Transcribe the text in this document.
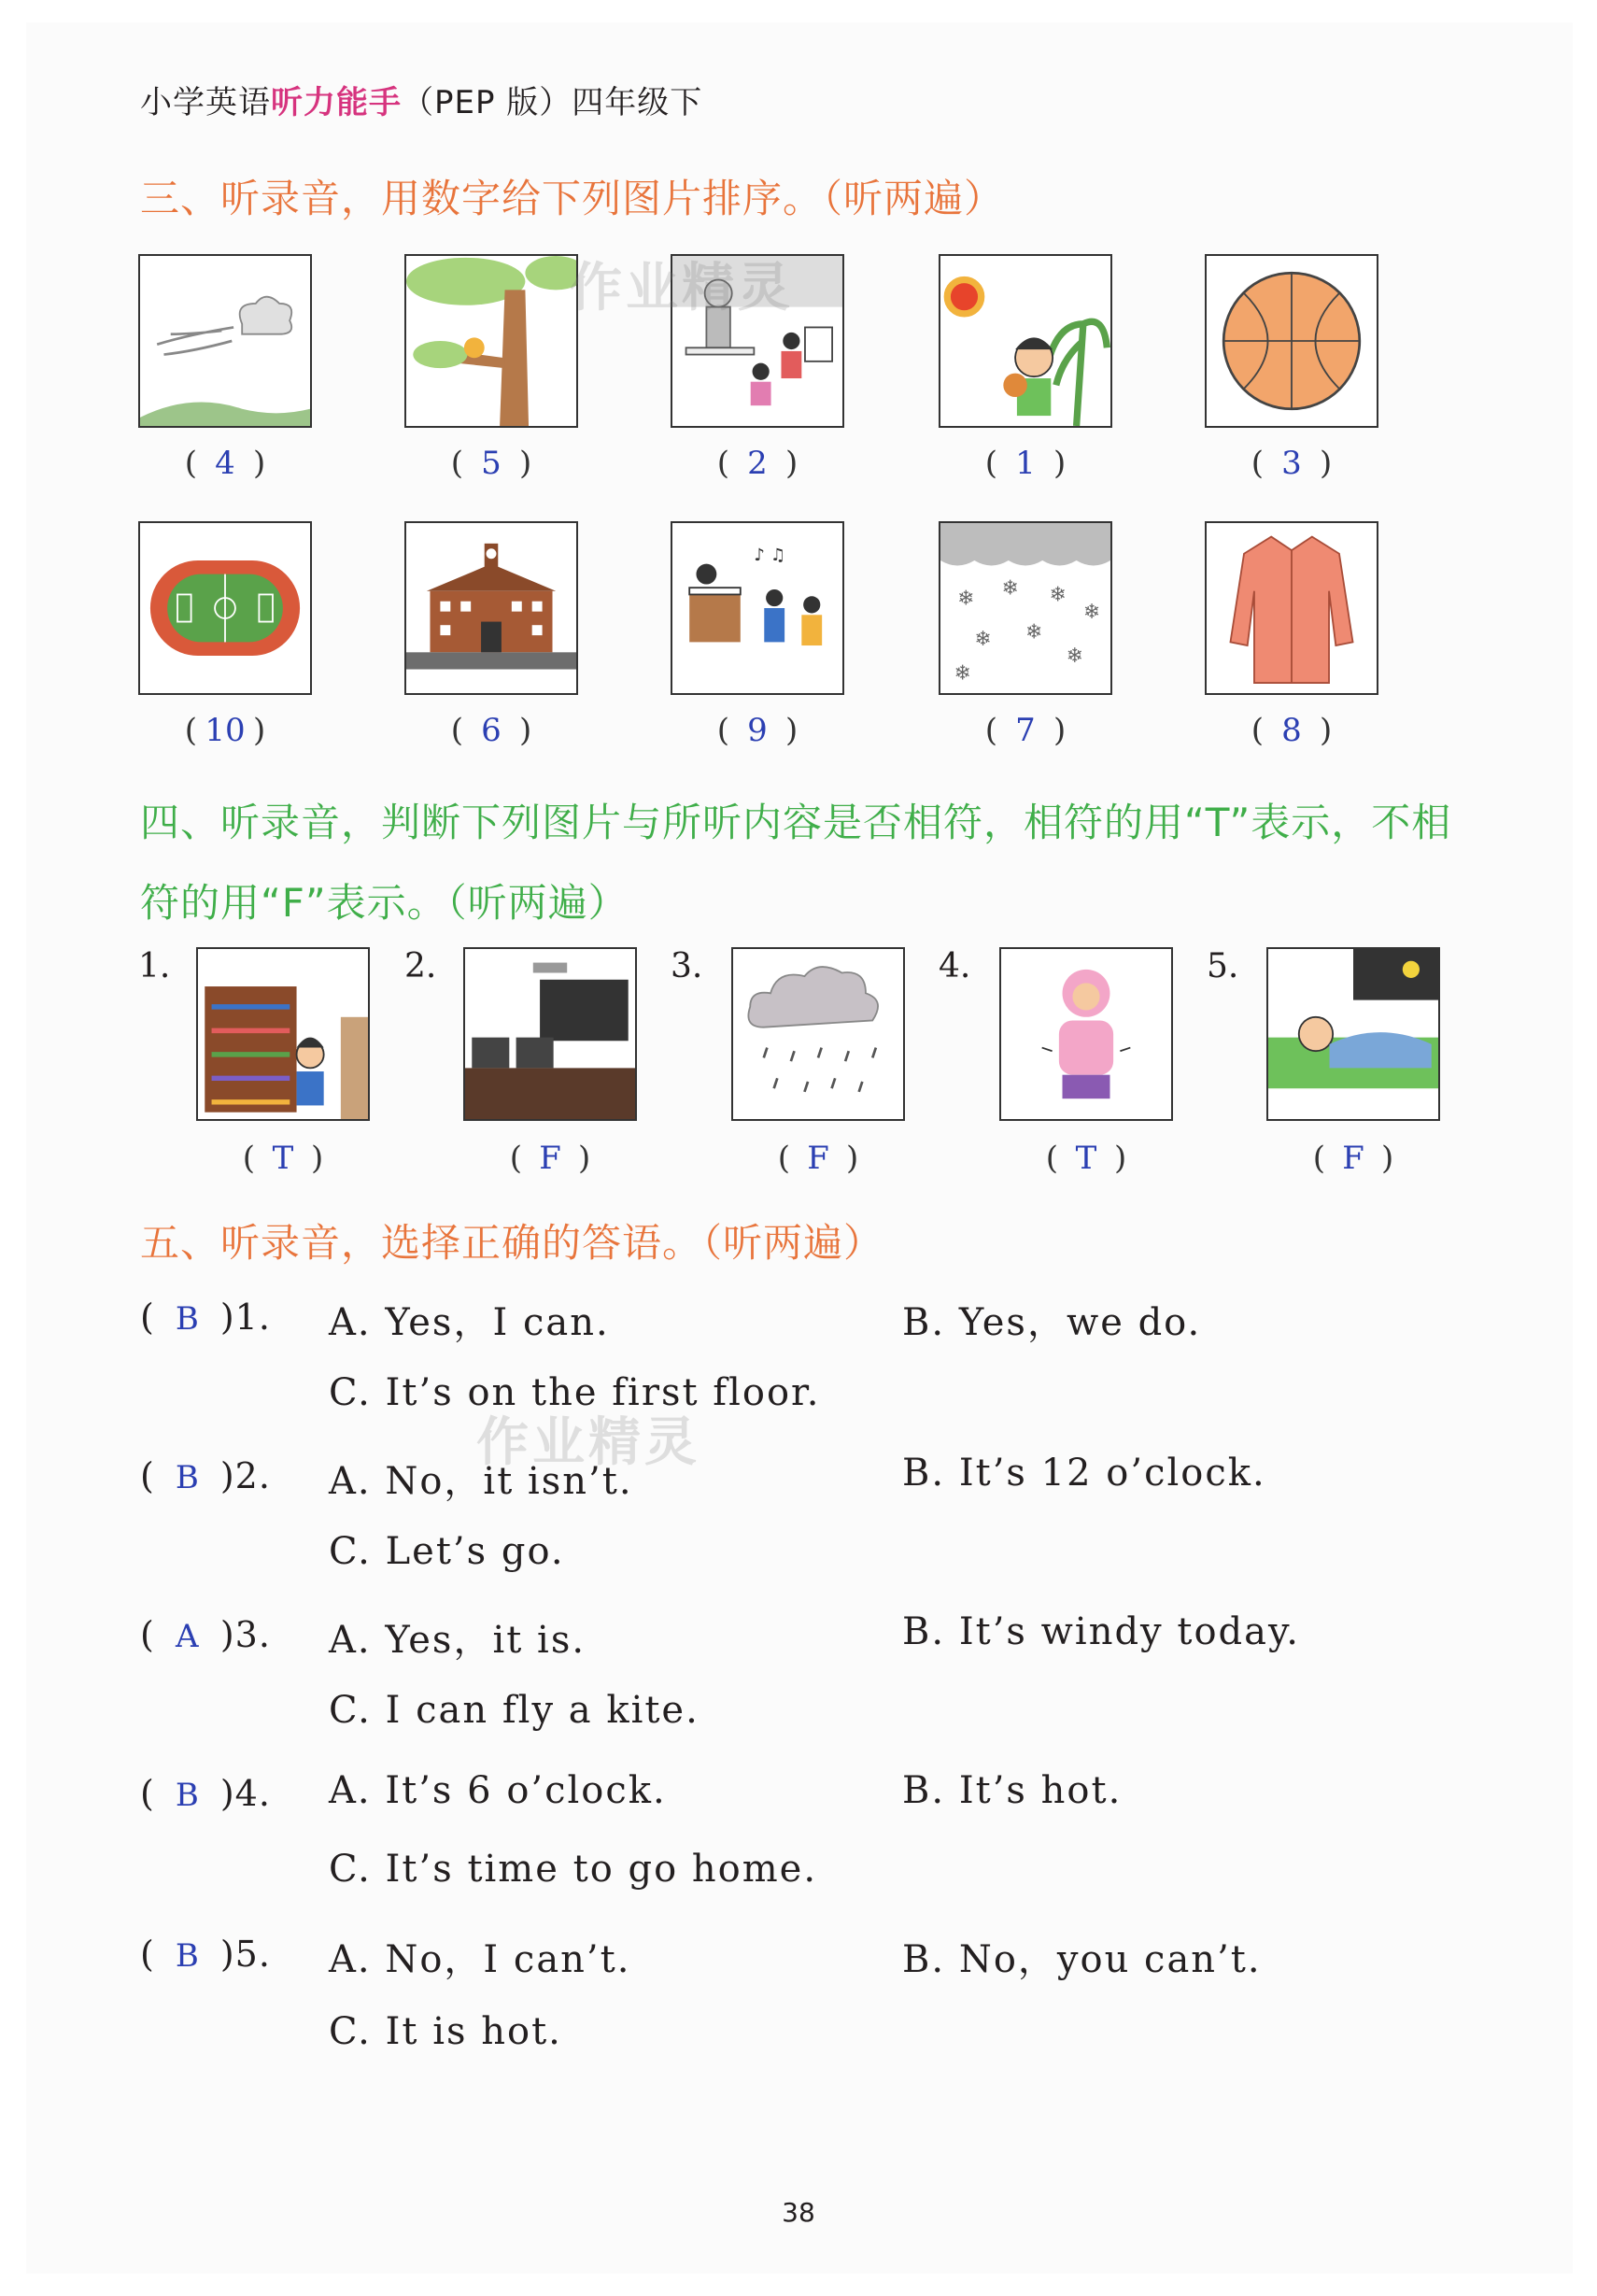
小学英语听力能手（PEP 版）四年级下
三、听录音，用数字给下列图片排序。（听两遍）
( 4 )	( 5 )	( 2 )	( 1 )	( 3 )
♪ ♫
❄ ❄	❄
❄
❄	❄
❄
❄
( 10 )	( 6 )	( 9 )	( 7 )	( 8 )
四、听录音，判断下列图片与所听内容是否相符，相符的用“T”表示，不相符的用“F”表示。（听两遍）
1.	2.	3.	4.	5.
( T )	( F )	( F )	( T )	( F )
五、听录音，选择正确的答语。（听两遍）
( B )1. A. Yes，I can.	B. Yes，we do.
C. It’s on the first floor.
( B )2. A. No，it isn’t.	B. It’s 12 o’clock.
C. Let’s go.
( A )3. A. Yes，it is.	B. It’s windy today.
C. I can fly a kite.
( B )4. A. It’s 6 o’clock.	B. It’s hot.
C. It’s time to go home.
( B )5. A. No，I can’t.	B. No，you can’t.
C. It is hot.
作业精灵
作业精灵
38
